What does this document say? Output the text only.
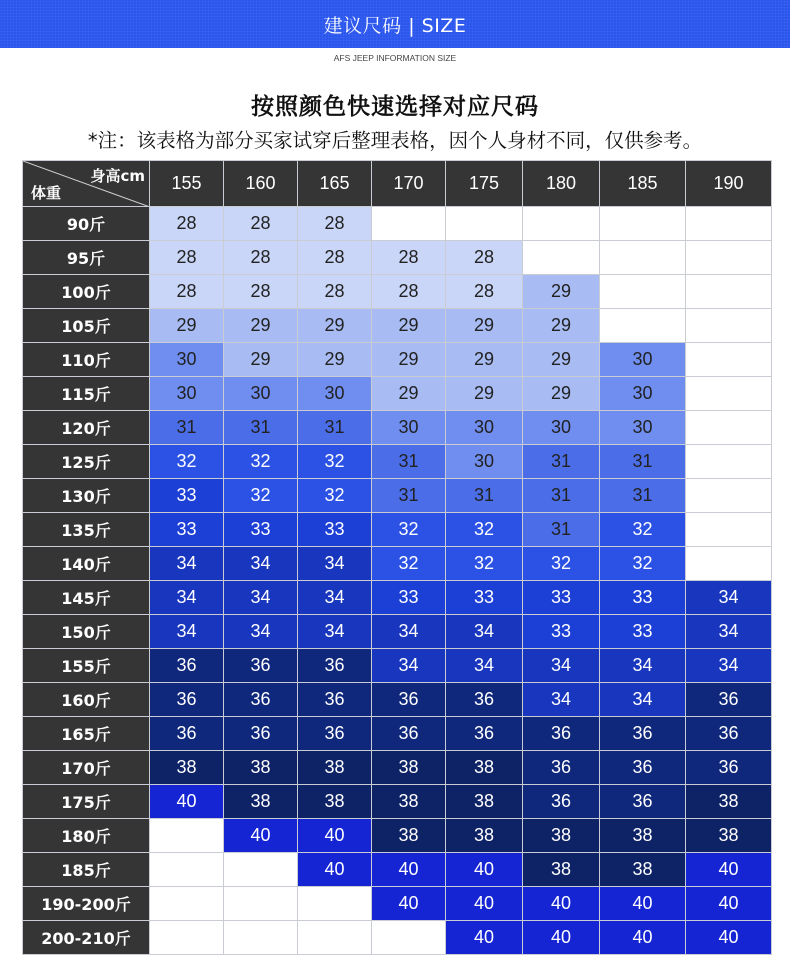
建议尺码 | SIZE
AFS JEEP INFORMATION SIZE
按照颜色快速选择对应尺码
*注：该表格为部分买家试穿后整理表格，因个人身材不同，仅供参考。
身高cm
体重	155	160	165	170	175	180	185	190
90斤	28	28	28					
95斤	28	28	28	28	28			
100斤	28	28	28	28	28	29		
105斤	29	29	29	29	29	29		
110斤	30	29	29	29	29	29	30	
115斤	30	30	30	29	29	29	30	
120斤	31	31	31	30	30	30	30	
125斤	32	32	32	31	30	31	31	
130斤	33	32	32	31	31	31	31	
135斤	33	33	33	32	32	31	32	
140斤	34	34	34	32	32	32	32	
145斤	34	34	34	33	33	33	33	34
150斤	34	34	34	34	34	33	33	34
155斤	36	36	36	34	34	34	34	34
160斤	36	36	36	36	36	34	34	36
165斤	36	36	36	36	36	36	36	36
170斤	38	38	38	38	38	36	36	36
175斤	40	38	38	38	38	36	36	38
180斤		40	40	38	38	38	38	38
185斤			40	40	40	38	38	40
190-200斤				40	40	40	40	40
200-210斤					40	40	40	40
